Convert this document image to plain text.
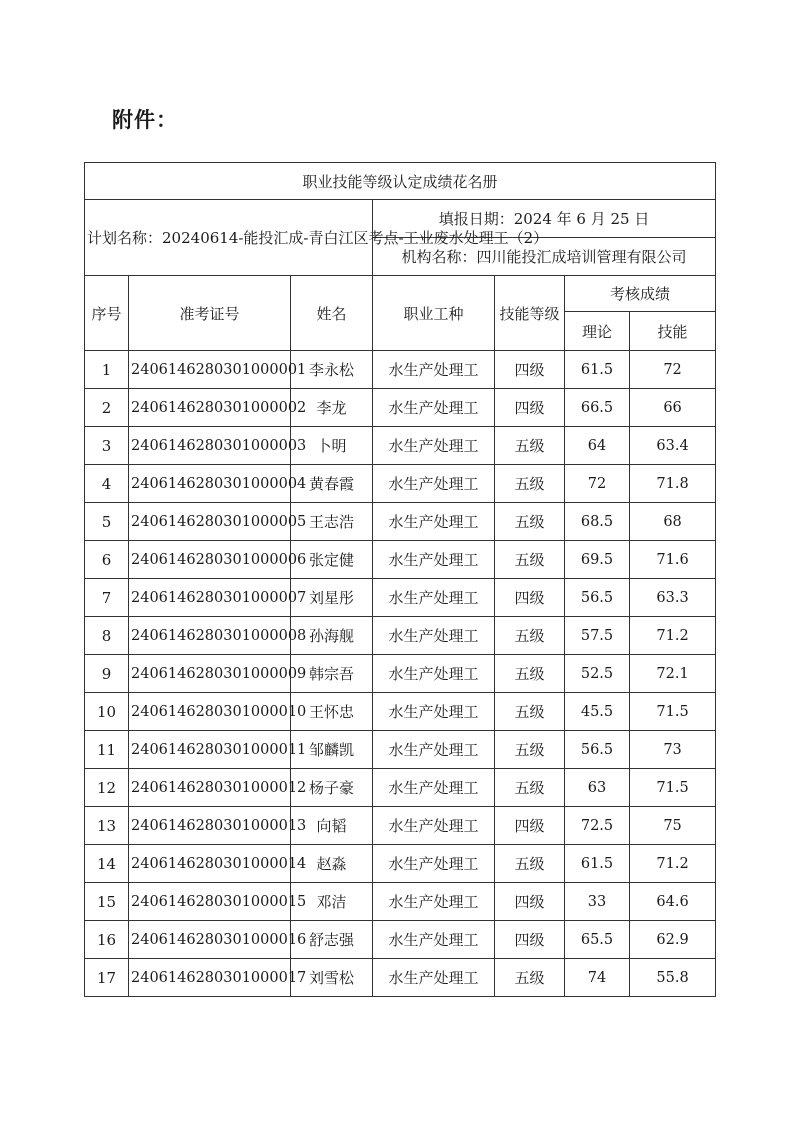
附件：
职业技能等级认定成绩花名册						
计划名称：20240614-能投汇成-青白江区考点-工业废水处理工（2）			填报日期：2024 年 6 月 25 日			
			机构名称：四川能投汇成培训管理有限公司			
序号	准考证号	姓名	职业工种	技能等级	考核成绩	
					理论	技能
1	2406146280301000001	李永松	水生产处理工	四级	61.5	72
2	2406146280301000002	李龙	水生产处理工	四级	66.5	66
3	2406146280301000003	卜明	水生产处理工	五级	64	63.4
4	2406146280301000004	黄春霞	水生产处理工	五级	72	71.8
5	2406146280301000005	王志浩	水生产处理工	五级	68.5	68
6	2406146280301000006	张定健	水生产处理工	五级	69.5	71.6
7	2406146280301000007	刘星彤	水生产处理工	四级	56.5	63.3
8	2406146280301000008	孙海舰	水生产处理工	五级	57.5	71.2
9	2406146280301000009	韩宗吾	水生产处理工	五级	52.5	72.1
10	2406146280301000010	王怀忠	水生产处理工	五级	45.5	71.5
11	2406146280301000011	邹麟凯	水生产处理工	五级	56.5	73
12	2406146280301000012	杨子豪	水生产处理工	五级	63	71.5
13	2406146280301000013	向韬	水生产处理工	四级	72.5	75
14	2406146280301000014	赵淼	水生产处理工	五级	61.5	71.2
15	2406146280301000015	邓洁	水生产处理工	四级	33	64.6
16	2406146280301000016	舒志强	水生产处理工	四级	65.5	62.9
17	2406146280301000017	刘雪松	水生产处理工	五级	74	55.8
